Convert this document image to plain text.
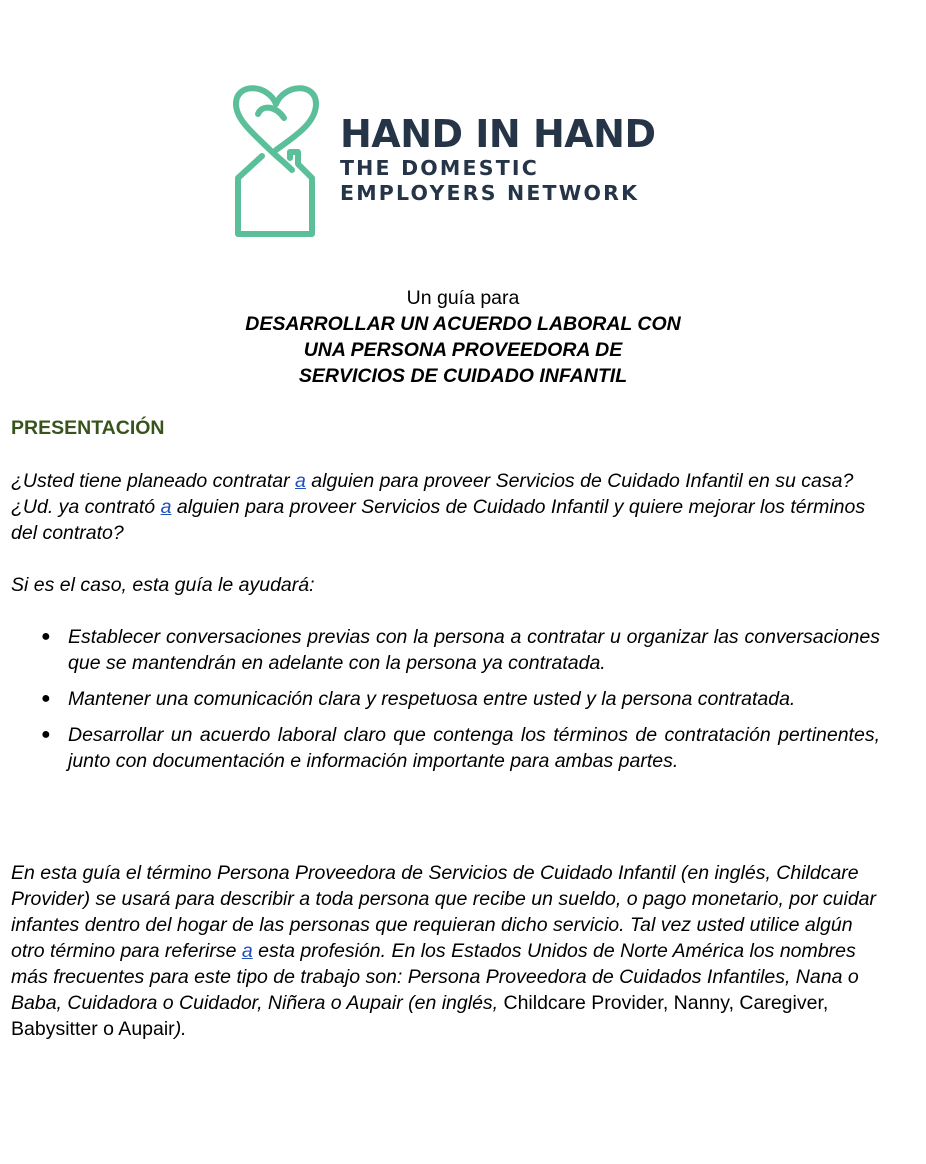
HAND IN HAND
THE DOMESTIC
EMPLOYERS NETWORK
Un guía para
DESARROLLAR UN ACUERDO LABORAL CON
UNA PERSONA PROVEEDORA DE
SERVICIOS DE CUIDADO INFANTIL
PRESENTACIÓN
¿Usted tiene planeado contratar a alguien para proveer Servicios de Cuidado Infantil en su casa? ¿Ud. ya contrató a alguien para proveer Servicios de Cuidado Infantil y quiere mejorar los términos del contrato?
Si es el caso, esta guía le ayudará:
● Establecer conversaciones previas con la persona a contratar u organizar las conversaciones que se mantendrán en adelante con la persona ya contratada.
● Mantener una comunicación clara y respetuosa entre usted y la persona contratada.
● Desarrollar un acuerdo laboral claro que contenga los términos de contratación pertinentes, junto con documentación e información importante para ambas partes.
En esta guía el término Persona Proveedora de Servicios de Cuidado Infantil (en inglés, Childcare Provider) se usará para describir a toda persona que recibe un sueldo, o pago monetario, por cuidar infantes dentro del hogar de las personas que requieran dicho servicio. Tal vez usted utilice algún otro término para referirse a esta profesión. En los Estados Unidos de Norte América los nombres más frecuentes para este tipo de trabajo son: Persona Proveedora de Cuidados Infantiles, Nana o Baba, Cuidadora o Cuidador, Niñera o Aupair (en inglés, Childcare Provider, Nanny, Caregiver, Babysitter o Aupair).
